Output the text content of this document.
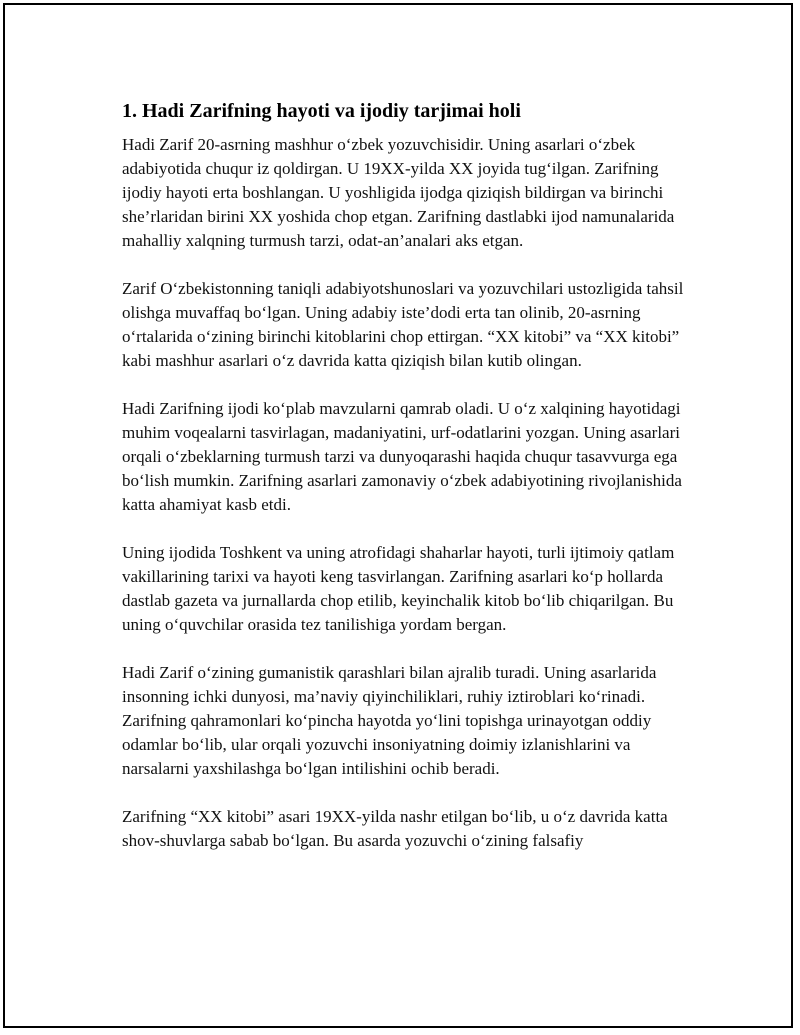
1. Hadi Zarifning hayoti va ijodiy tarjimai holi

Hadi Zarif 20-asrning mashhur o‘zbek yozuvchisidir. Uning asarlari o‘zbek adabiyotida chuqur iz qoldirgan. U 19XX-yilda XX joyida tug‘ilgan. Zarifning ijodiy hayoti erta boshlangan. U yoshligida ijodga qiziqish bildirgan va birinchi she’rlaridan birini XX yoshida chop etgan. Zarifning dastlabki ijod namunalarida mahalliy xalqning turmush tarzi, odat-an’analari aks etgan.

Zarif O‘zbekistonning taniqli adabiyotshunoslari va yozuvchilari ustozligida tahsil olishga muvaffaq bo‘lgan. Uning adabiy iste’dodi erta tan olinib, 20-asrning o‘rtalarida o‘zining birinchi kitoblarini chop ettirgan. “XX kitobi” va “XX kitobi” kabi mashhur asarlari o‘z davrida katta qiziqish bilan kutib olingan.

Hadi Zarifning ijodi ko‘plab mavzularni qamrab oladi. U o‘z xalqining hayotidagi muhim voqealarni tasvirlagan, madaniyatini, urf-odatlarini yozgan. Uning asarlari orqali o‘zbeklarning turmush tarzi va dunyoqarashi haqida chuqur tasavvurga ega bo‘lish mumkin. Zarifning asarlari zamonaviy o‘zbek adabiyotining rivojlanishida katta ahamiyat kasb etdi.

Uning ijodida Toshkent va uning atrofidagi shaharlar hayoti, turli ijtimoiy qatlam vakillarining tarixi va hayoti keng tasvirlangan. Zarifning asarlari ko‘p hollarda dastlab gazeta va jurnallarda chop etilib, keyinchalik kitob bo‘lib chiqarilgan. Bu uning o‘quvchilar orasida tez tanilishiga yordam bergan.

Hadi Zarif o‘zining gumanistik qarashlari bilan ajralib turadi. Uning asarlarida insonning ichki dunyosi, ma’naviy qiyinchiliklari, ruhiy iztiroblari ko‘rinadi. Zarifning qahramonlari ko‘pincha hayotda yo‘lini topishga urinayotgan oddiy odamlar bo‘lib, ular orqali yozuvchi insoniyatning doimiy izlanishlarini va narsalarni yaxshilashga bo‘lgan intilishini ochib beradi.

Zarifning “XX kitobi” asari 19XX-yilda nashr etilgan bo‘lib, u o‘z davrida katta shov-shuvlarga sabab bo‘lgan. Bu asarda yozuvchi o‘zining falsafiy
